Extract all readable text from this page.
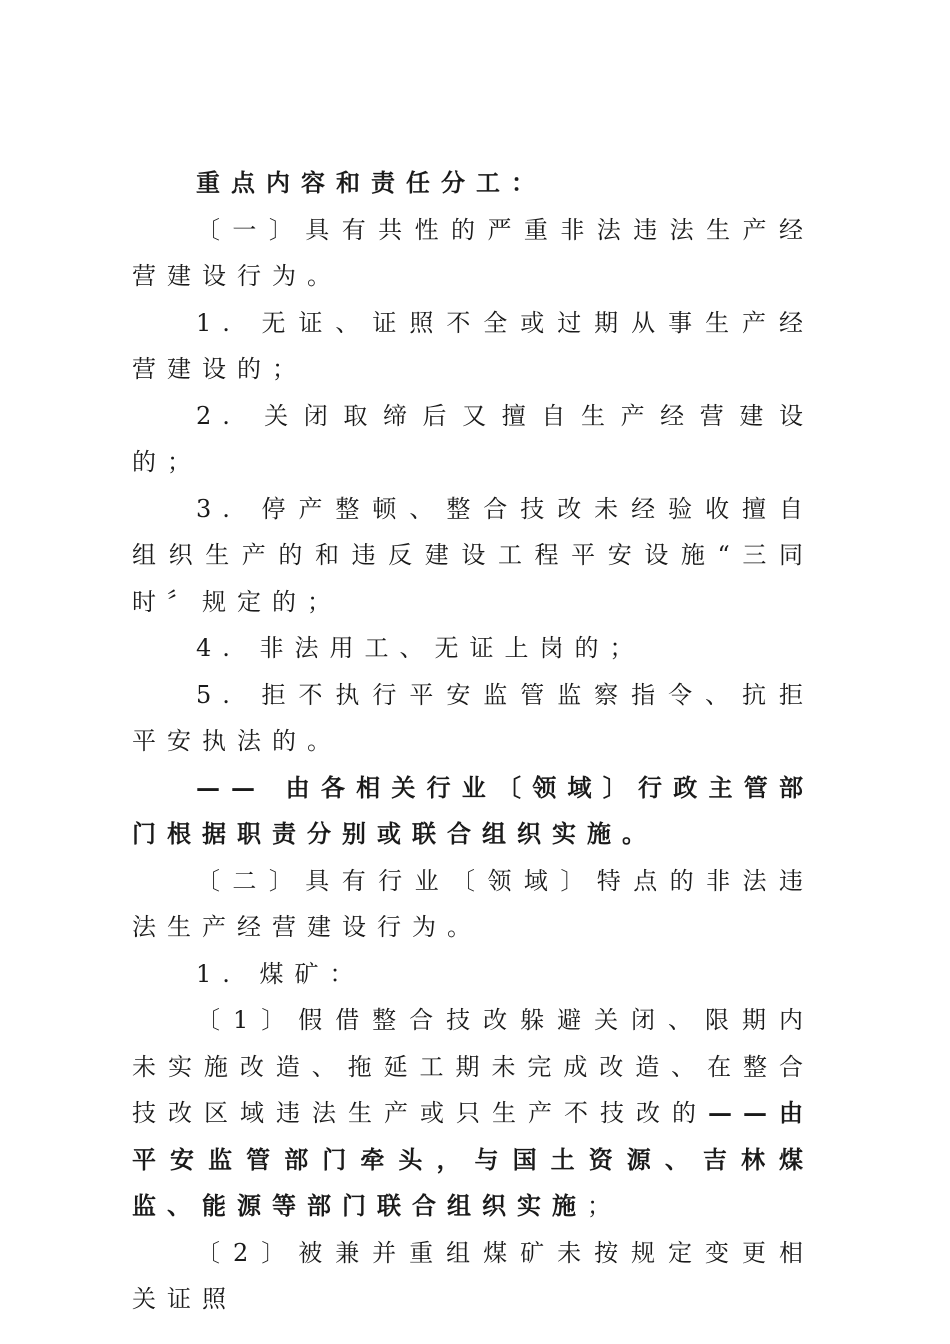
重点内容和责任分工：

〔一〕具有共性的严重非法违法生产经营建设行为。

1. 无证、证照不全或过期从事生产经营建设的；

2. 关闭取缔后又擅自生产经营建设的；

3. 停产整顿、整合技改未经验收擅自组织生产的和违反建设工程平安设施“三同时〞规定的；

4. 非法用工、无证上岗的；

5. 拒不执行平安监管监察指令、抗拒平安执法的。

—— 由各相关行业〔领域〕行政主管部门根据职责分别或联合组织实施。

〔二〕具有行业〔领域〕特点的非法违法生产经营建设行为。

1. 煤矿：

〔1〕假借整合技改躲避关闭、限期内未实施改造、拖延工期未完成改造、在整合技改区域违法生产或只生产不技改的——由平安监管部门牵头，与国土资源、吉林煤监、能源等部门联合组织实施；

〔2〕被兼并重组煤矿未按规定变更相关证照
